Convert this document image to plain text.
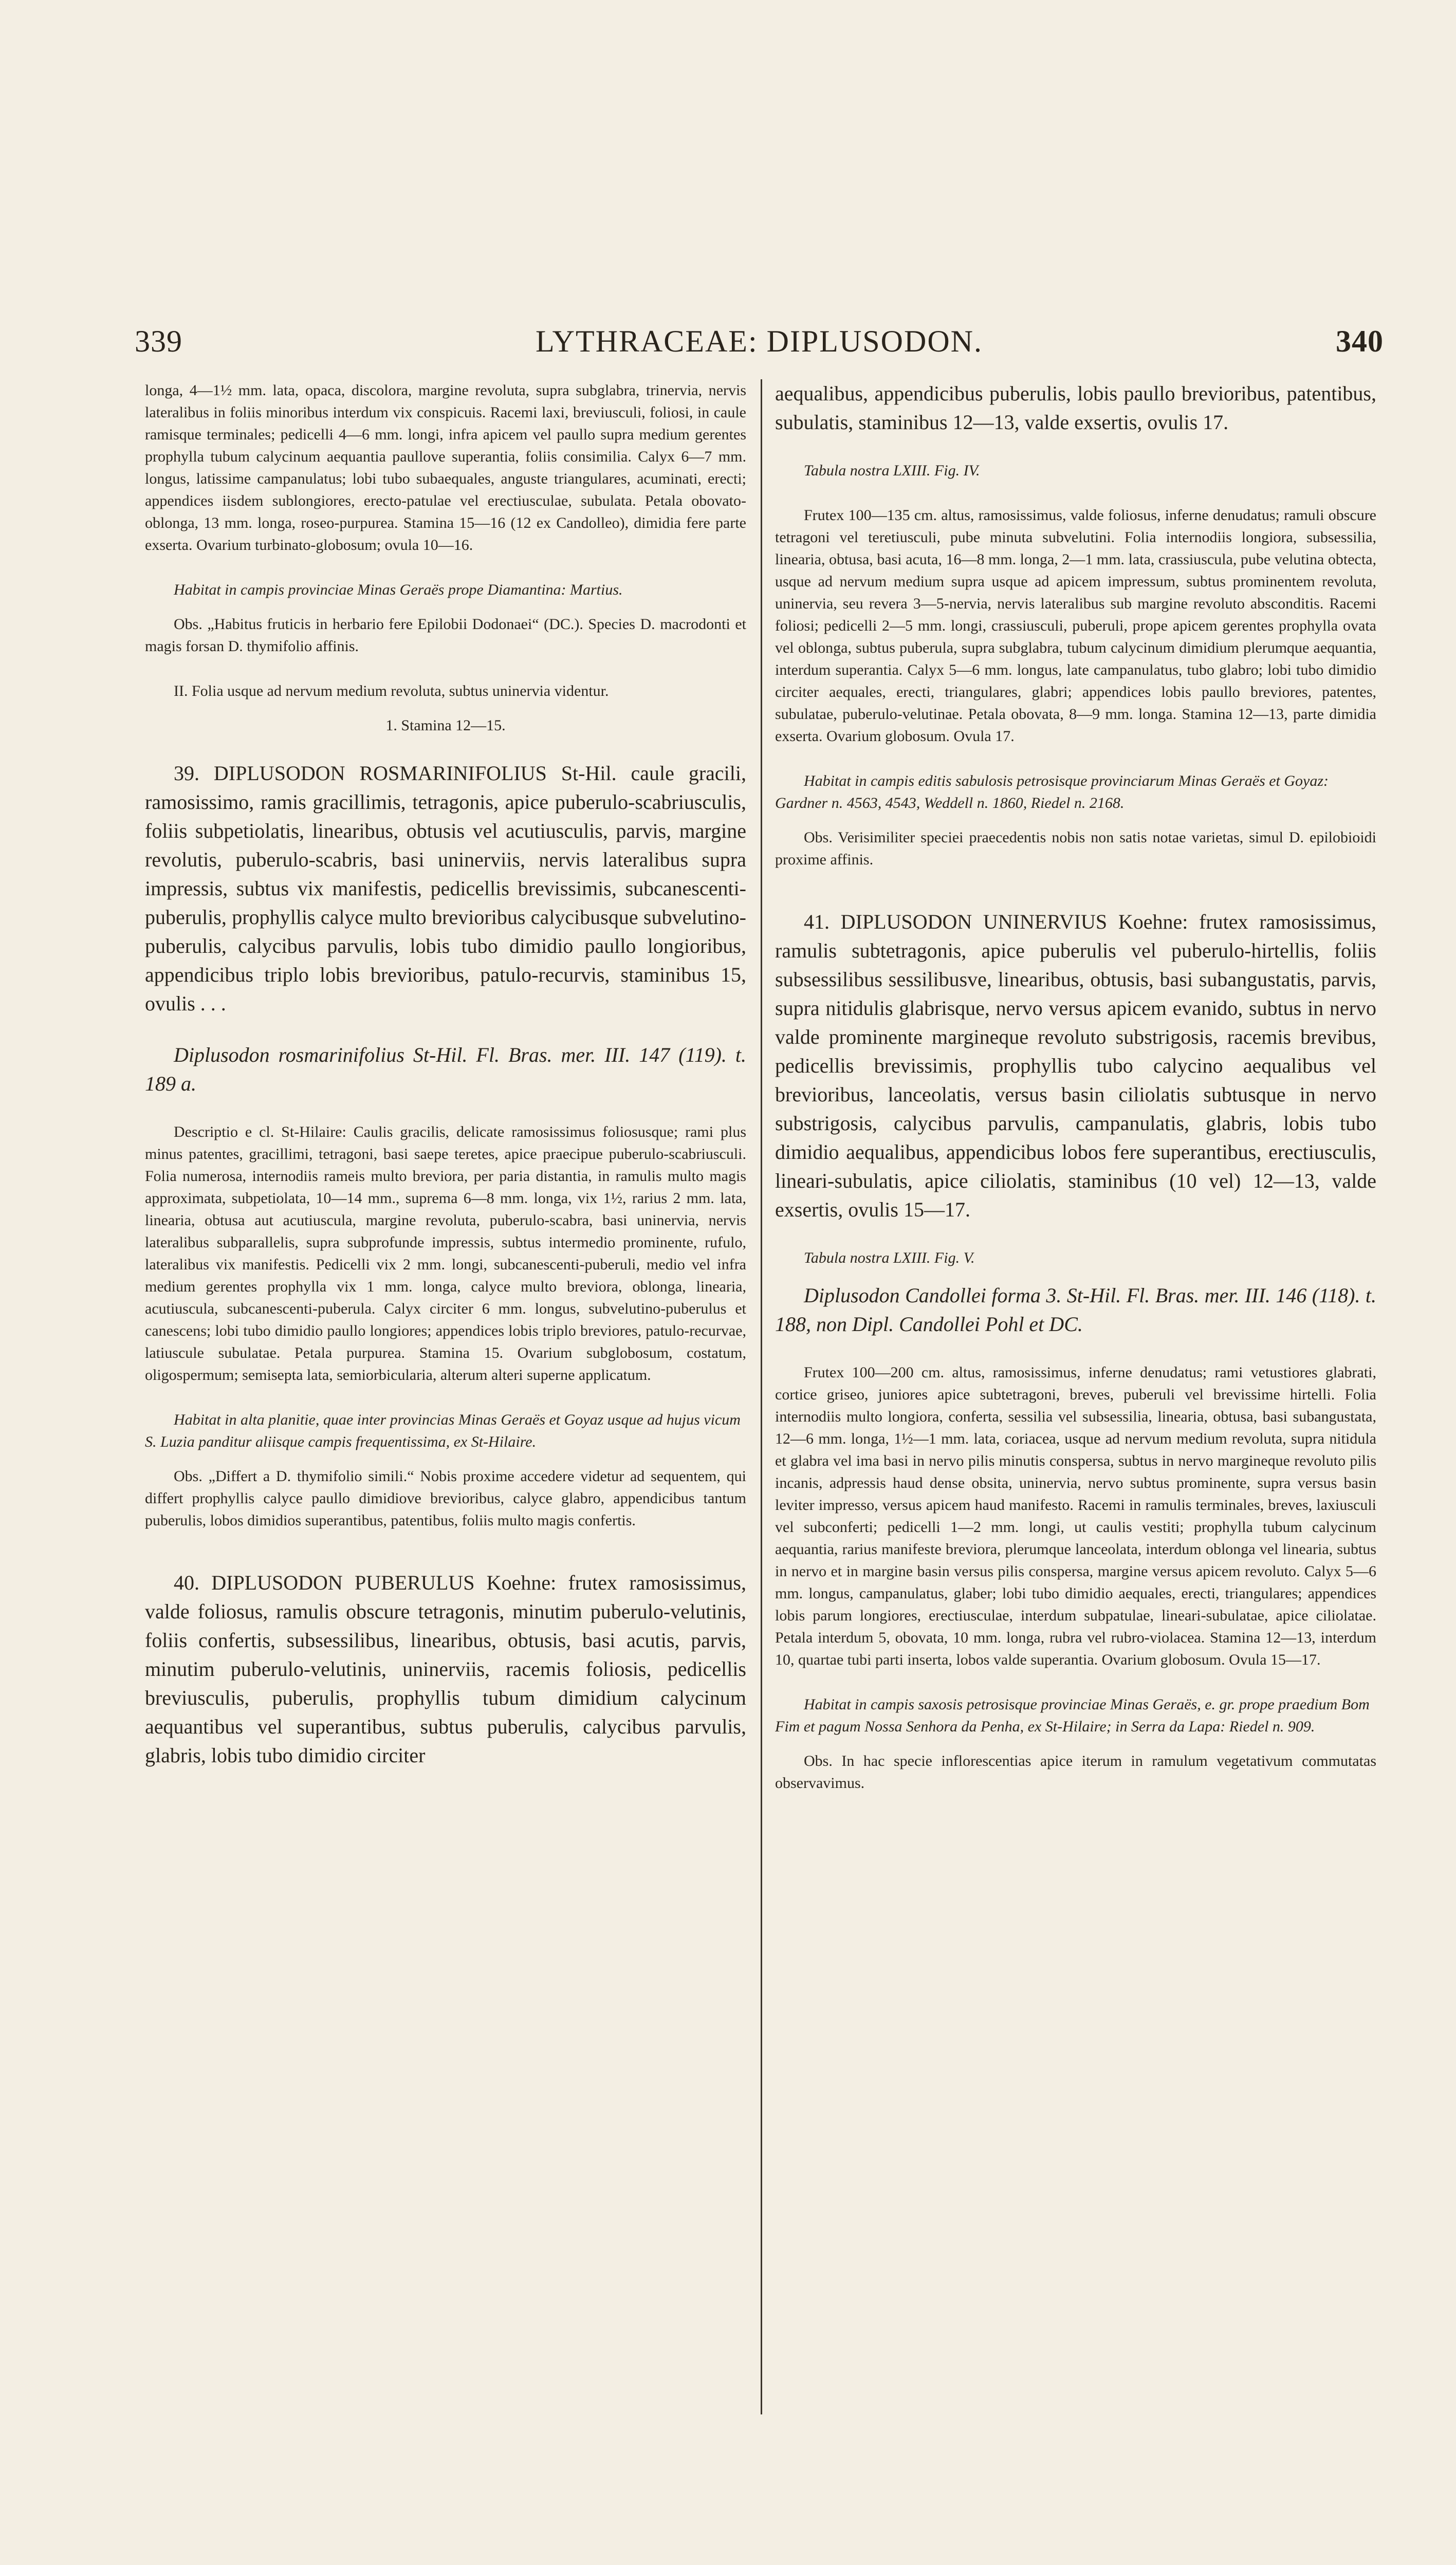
339	LYTHRACEAE: DIPLUSODON.	340

longa, 4—1½ mm. lata, opaca, discolora, margine revoluta, supra subglabra, trinervia, nervis lateralibus in foliis minoribus interdum vix conspicuis. Racemi laxi, breviusculi, foliosi, in caule ramisque terminales; pedicelli 4—6 mm. longi, infra apicem vel paullo supra medium gerentes prophylla tubum calycinum aequantia paullove superantia, foliis consimilia. Calyx 6—7 mm. longus, latissime campanulatus; lobi tubo subaequales, anguste triangulares, acuminati, erecti; appendices iisdem sublongiores, erecto-patulae vel erectiusculae, subulata. Petala obovato-oblonga, 13 mm. longa, roseo-purpurea. Stamina 15—16 (12 ex Candolleo), dimidia fere parte exserta. Ovarium turbinato-globosum; ovula 10—16.

Habitat in campis provinciae Minas Geraës prope Diamantina: Martius.

Obs. „Habitus fruticis in herbario fere Epilobii Dodonaei“ (DC.). Species D. macrodonti et magis forsan D. thymifolio affinis.

II. Folia usque ad nervum medium revoluta, subtus uninervia videntur.

1. Stamina 12—15.

39. DIPLUSODON ROSMARINIFOLIUS St-Hil. caule gracili, ramosissimo, ramis gracillimis, tetragonis, apice puberulo-scabriusculis, foliis subpetiolatis, linearibus, obtusis vel acutiusculis, parvis, margine revolutis, puberulo-scabris, basi uninerviis, nervis lateralibus supra impressis, subtus vix manifestis, pedicellis brevissimis, subcanescenti-puberulis, prophyllis calyce multo brevioribus calycibusque subvelutino-puberulis, calycibus parvulis, lobis tubo dimidio paullo longioribus, appendicibus triplo lobis brevioribus, patulo-recurvis, staminibus 15, ovulis . . .

Diplusodon rosmarinifolius St-Hil. Fl. Bras. mer. III. 147 (119). t. 189 a.

Descriptio e cl. St-Hilaire: Caulis gracilis, delicate ramosissimus foliosusque; rami plus minus patentes, gracillimi, tetragoni, basi saepe teretes, apice praecipue puberulo-scabriusculi. Folia numerosa, internodiis rameis multo breviora, per paria distantia, in ramulis multo magis approximata, subpetiolata, 10—14 mm., suprema 6—8 mm. longa, vix 1½, rarius 2 mm. lata, linearia, obtusa aut acutiuscula, margine revoluta, puberulo-scabra, basi uninervia, nervis lateralibus subparallelis, supra subprofunde impressis, subtus intermedio prominente, rufulo, lateralibus vix manifestis. Pedicelli vix 2 mm. longi, subcanescenti-puberuli, medio vel infra medium gerentes prophylla vix 1 mm. longa, calyce multo breviora, oblonga, linearia, acutiuscula, subcanescenti-puberula. Calyx circiter 6 mm. longus, subvelutino-puberulus et canescens; lobi tubo dimidio paullo longiores; appendices lobis triplo breviores, patulo-recurvae, latiuscule subulatae. Petala purpurea. Stamina 15. Ovarium subglobosum, costatum, oligospermum; semisepta lata, semiorbicularia, alterum alteri superne applicatum.

Habitat in alta planitie, quae inter provincias Minas Geraës et Goyaz usque ad hujus vicum S. Luzia panditur aliisque campis frequentissima, ex St-Hilaire.

Obs. „Differt a D. thymifolio simili.“ Nobis proxime accedere videtur ad sequentem, qui differt prophyllis calyce paullo dimidiove brevioribus, calyce glabro, appendicibus tantum puberulis, lobos dimidios superantibus, patentibus, foliis multo magis confertis.

40. DIPLUSODON PUBERULUS Koehne: frutex ramosissimus, valde foliosus, ramulis obscure tetragonis, minutim puberulo-velutinis, foliis confertis, subsessilibus, linearibus, obtusis, basi acutis, parvis, minutim puberulo-velutinis, uninerviis, racemis foliosis, pedicellis breviusculis, puberulis, prophyllis tubum dimidium calycinum aequantibus vel superantibus, subtus puberulis, calycibus parvulis, glabris, lobis tubo dimidio circiter

aequalibus, appendicibus puberulis, lobis paullo brevioribus, patentibus, subulatis, staminibus 12—13, valde exsertis, ovulis 17.

Tabula nostra LXIII. Fig. IV.

Frutex 100—135 cm. altus, ramosissimus, valde foliosus, inferne denudatus; ramuli obscure tetragoni vel teretiusculi, pube minuta subvelutini. Folia internodiis longiora, subsessilia, linearia, obtusa, basi acuta, 16—8 mm. longa, 2—1 mm. lata, crassiuscula, pube velutina obtecta, usque ad nervum medium supra usque ad apicem impressum, subtus prominentem revoluta, uninervia, seu revera 3—5-nervia, nervis lateralibus sub margine revoluto absconditis. Racemi foliosi; pedicelli 2—5 mm. longi, crassiusculi, puberuli, prope apicem gerentes prophylla ovata vel oblonga, subtus puberula, supra subglabra, tubum calycinum dimidium plerumque aequantia, interdum superantia. Calyx 5—6 mm. longus, late campanulatus, tubo glabro; lobi tubo dimidio circiter aequales, erecti, triangulares, glabri; appendices lobis paullo breviores, patentes, subulatae, puberulo-velutinae. Petala obovata, 8—9 mm. longa. Stamina 12—13, parte dimidia exserta. Ovarium globosum. Ovula 17.

Habitat in campis editis sabulosis petrosisque provinciarum Minas Geraës et Goyaz: Gardner n. 4563, 4543, Weddell n. 1860, Riedel n. 2168.

Obs. Verisimiliter speciei praecedentis nobis non satis notae varietas, simul D. epilobioidi proxime affinis.

41. DIPLUSODON UNINERVIUS Koehne: frutex ramosissimus, ramulis subtetragonis, apice puberulis vel puberulo-hirtellis, foliis subsessilibus sessilibusve, linearibus, obtusis, basi subangustatis, parvis, supra nitidulis glabrisque, nervo versus apicem evanido, subtus in nervo valde prominente margineque revoluto substrigosis, racemis brevibus, pedicellis brevissimis, prophyllis tubo calycino aequalibus vel brevioribus, lanceolatis, versus basin ciliolatis subtusque in nervo substrigosis, calycibus parvulis, campanulatis, glabris, lobis tubo dimidio aequalibus, appendicibus lobos fere superantibus, erectiusculis, lineari-subulatis, apice ciliolatis, staminibus (10 vel) 12—13, valde exsertis, ovulis 15—17.

Tabula nostra LXIII. Fig. V.

Diplusodon Candollei forma 3. St-Hil. Fl. Bras. mer. III. 146 (118). t. 188, non Dipl. Candollei Pohl et DC.

Frutex 100—200 cm. altus, ramosissimus, inferne denudatus; rami vetustiores glabrati, cortice griseo, juniores apice subtetragoni, breves, puberuli vel brevissime hirtelli. Folia internodiis multo longiora, conferta, sessilia vel subsessilia, linearia, obtusa, basi subangustata, 12—6 mm. longa, 1½—1 mm. lata, coriacea, usque ad nervum medium revoluta, supra nitidula et glabra vel ima basi in nervo pilis minutis conspersa, subtus in nervo margineque revoluto pilis incanis, adpressis haud dense obsita, uninervia, nervo subtus prominente, supra versus basin leviter impresso, versus apicem haud manifesto. Racemi in ramulis terminales, breves, laxiusculi vel subconferti; pedicelli 1—2 mm. longi, ut caulis vestiti; prophylla tubum calycinum aequantia, rarius manifeste breviora, plerumque lanceolata, interdum oblonga vel linearia, subtus in nervo et in margine basin versus pilis conspersa, margine versus apicem revoluto. Calyx 5—6 mm. longus, campanulatus, glaber; lobi tubo dimidio aequales, erecti, triangulares; appendices lobis parum longiores, erectiusculae, interdum subpatulae, lineari-subulatae, apice ciliolatae. Petala interdum 5, obovata, 10 mm. longa, rubra vel rubro-violacea. Stamina 12—13, interdum 10, quartae tubi parti inserta, lobos valde superantia. Ovarium globosum. Ovula 15—17.

Habitat in campis saxosis petrosisque provinciae Minas Geraës, e. gr. prope praedium Bom Fim et pagum Nossa Senhora da Penha, ex St-Hilaire; in Serra da Lapa: Riedel n. 909.

Obs. In hac specie inflorescentias apice iterum in ramulum vegetativum commutatas observavimus.
